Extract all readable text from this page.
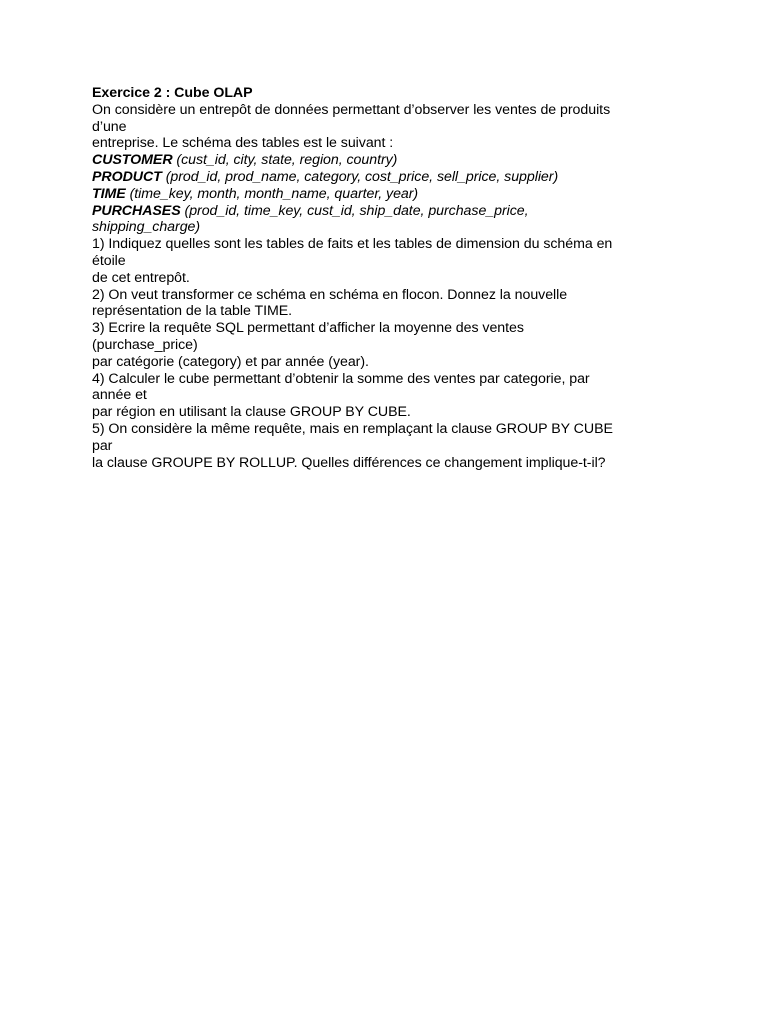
Exercice 2 : Cube OLAP
On considère un entrepôt de données permettant d’observer les ventes de produits
d’une
entreprise. Le schéma des tables est le suivant :
CUSTOMER (cust_id, city, state, region, country)
PRODUCT (prod_id, prod_name, category, cost_price, sell_price, supplier)
TIME (time_key, month, month_name, quarter, year)
PURCHASES (prod_id, time_key, cust_id, ship_date, purchase_price,
shipping_charge)
1) Indiquez quelles sont les tables de faits et les tables de dimension du schéma en
étoile
de cet entrepôt.
2) On veut transformer ce schéma en schéma en flocon. Donnez la nouvelle
représentation de la table TIME.
3) Ecrire la requête SQL permettant d’afficher la moyenne des ventes
(purchase_price)
par catégorie (category) et par année (year).
4) Calculer le cube permettant d’obtenir la somme des ventes par categorie, par
année et
par région en utilisant la clause GROUP BY CUBE.
5) On considère la même requête, mais en remplaçant la clause GROUP BY CUBE
par
la clause GROUPE BY ROLLUP. Quelles différences ce changement implique-t-il?
